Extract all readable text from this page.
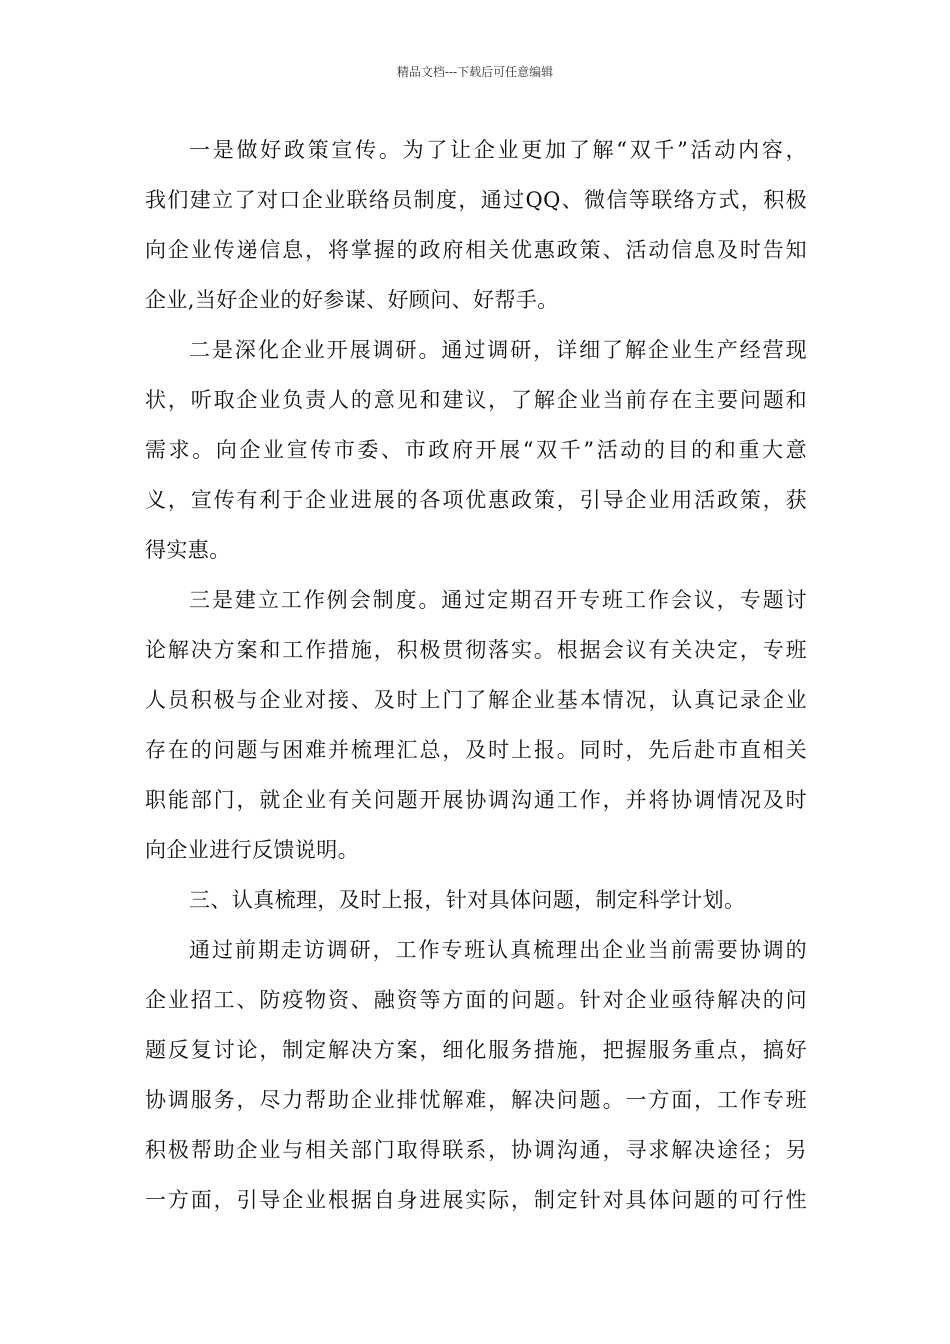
精品文档---下载后可任意编辑
一是做好政策宣传。为了让企业更加了解“双千”活动内容，
我们建立了对口企业联络员制度，通过QQ、微信等联络方式，积极
向企业传递信息，将掌握的政府相关优惠政策、活动信息及时告知
企业,当好企业的好参谋、好顾问、好帮手。
二是深化企业开展调研。通过调研，详细了解企业生产经营现
状，听取企业负责人的意见和建议，了解企业当前存在主要问题和
需求。向企业宣传市委、市政府开展“双千”活动的目的和重大意
义，宣传有利于企业进展的各项优惠政策，引导企业用活政策，获
得实惠。
三是建立工作例会制度。通过定期召开专班工作会议，专题讨
论解决方案和工作措施，积极贯彻落实。根据会议有关决定，专班
人员积极与企业对接、及时上门了解企业基本情况，认真记录企业
存在的问题与困难并梳理汇总，及时上报。同时，先后赴市直相关
职能部门，就企业有关问题开展协调沟通工作，并将协调情况及时
向企业进行反馈说明。
三、认真梳理，及时上报，针对具体问题，制定科学计划。
通过前期走访调研，工作专班认真梳理出企业当前需要协调的
企业招工、防疫物资、融资等方面的问题。针对企业亟待解决的问
题反复讨论，制定解决方案，细化服务措施，把握服务重点，搞好
协调服务，尽力帮助企业排忧解难，解决问题。一方面，工作专班
积极帮助企业与相关部门取得联系，协调沟通，寻求解决途径；另
一方面，引导企业根据自身进展实际，制定针对具体问题的可行性
